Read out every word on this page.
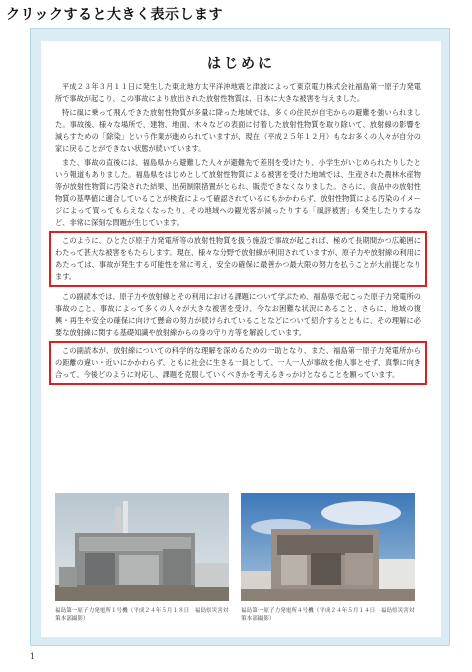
クリックすると大きく表示します
はじめに

平成２３年３月１１日に発生した東北地方太平洋沖地震と津波によって東京電力株式会社福島第一原子力発電所で事故が起こり、この事故により放出された放射性物質は、日本に大きな被害を与えました。

特に風に乗って飛んできた放射性物質が多量に降った地域では、多くの住民が自宅からの避難を強いられました。事故後、様々な場所で、建物、地面、木々などの表面に付着した放射性物質を取り除いて、放射線の影響を減らすための「除染」という作業が進められていますが、現在（平成２５年１２月）もなお多くの人々が自分の家に戻ることができない状態が続いています。

また、事故の直後には、福島県から避難した人々が避難先で差別を受けたり、小学生がいじめられたりしたという報道もありました。福島県をはじめとして放射性物質による被害を受けた地域では、生産された農林水産物等が放射性物質に汚染された結果、出荷制限措置がとられ、販売できなくなりました。さらに、食品中の放射性物質の基準値に適合していることが検査によって確認されているにもかかわらず、放射性物質による汚染のイメージによって買ってもらえなくなったり、その地域への観光客が減ったりする「風評被害」も発生したりするなど、非常に深刻な問題が生じています。

このように、ひとたび原子力発電所等の放射性物質を扱う施設で事故が起これば、極めて長期間かつ広範囲にわたって甚大な被害をもたらします。現在、様々な分野で放射線が利用されていますが、原子力や放射線の利用にあたっては、事故が発生する可能性を常に考え、安全の確保に最善かつ最大限の努力を払うことが大前提となります。

この副読本では、原子力や放射線とその利用における課題について学ぶため、福島県で起こった原子力発電所の事故のこと、事故によって多くの人々が大きな被害を受け、今なお困難な状況にあること、さらに、地域の復興・再生や安全の確保に向けて懸命の努力が続けられていることなどについて紹介するとともに、その理解に必要な放射線に関する基礎知識や放射線からの身の守り方等を解説しています。

この副読本が、放射線についての科学的な理解を深めるための一助となり、また、福島第一原子力発電所からの距離の違い・近いにかかわらず、ともに社会に生きる一員として、一人一人が事故を他人事とせず、真摯に向き合って、今後どのように対応し、課題を克服していくべきかを考えるきっかけとなることを願っています。

福島第一原子力発電所１号機（平成２４年５月１８日　福島県災害対策本部撮影）
福島第一原子力発電所４号機（平成２４年５月１４日　福島県災害対策本部撮影）
1
